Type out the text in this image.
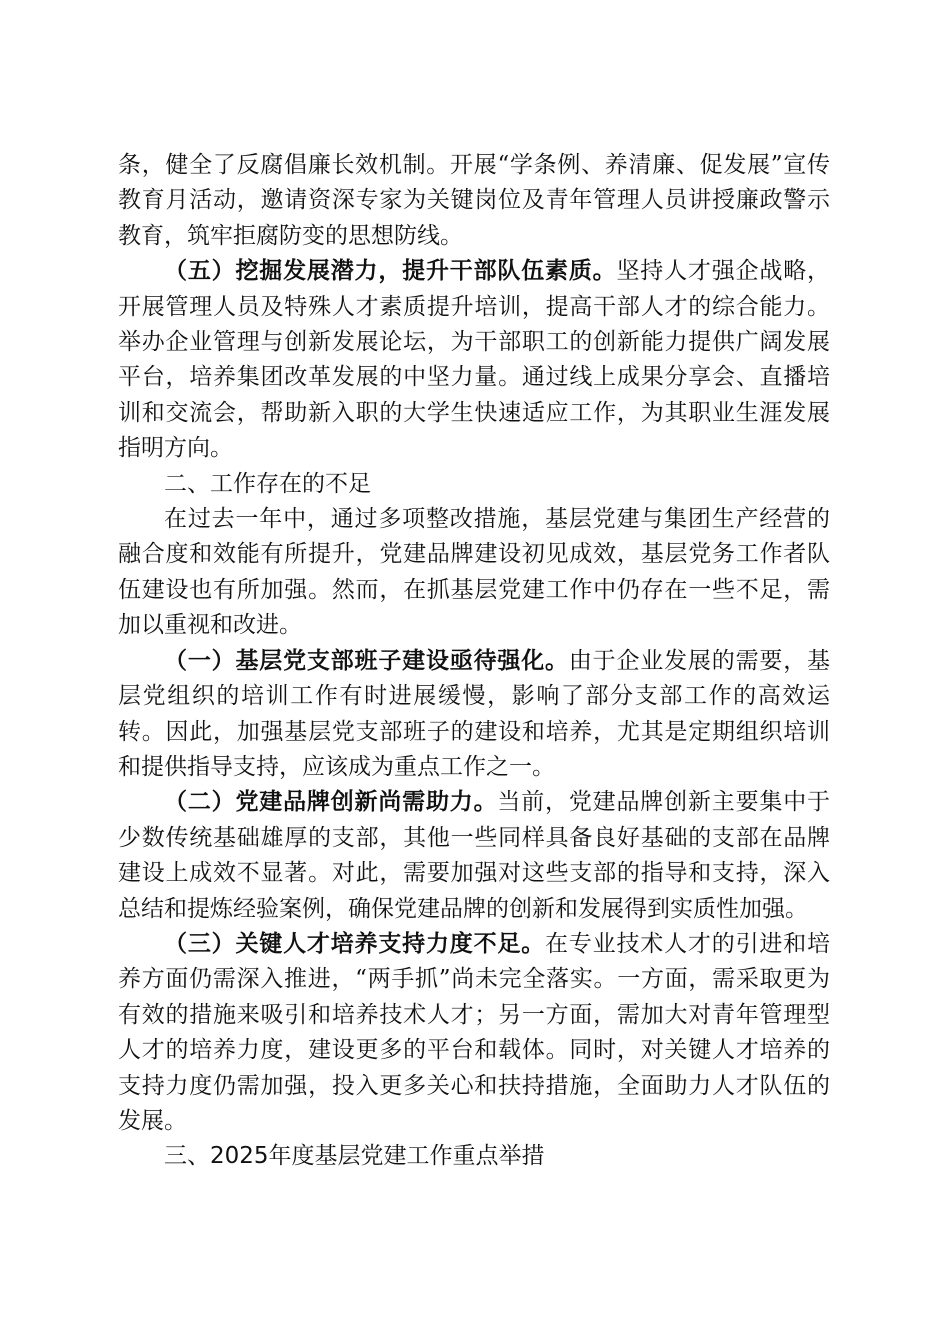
条，健全了反腐倡廉长效机制。开展“学条例、养清廉、促发展”宣传教育月活动，邀请资深专家为关键岗位及青年管理人员讲授廉政警示教育，筑牢拒腐防变的思想防线。

（五）挖掘发展潜力，提升干部队伍素质。坚持人才强企战略，开展管理人员及特殊人才素质提升培训，提高干部人才的综合能力。举办企业管理与创新发展论坛，为干部职工的创新能力提供广阔发展平台，培养集团改革发展的中坚力量。通过线上成果分享会、直播培训和交流会，帮助新入职的大学生快速适应工作，为其职业生涯发展指明方向。

二、工作存在的不足

在过去一年中，通过多项整改措施，基层党建与集团生产经营的融合度和效能有所提升，党建品牌建设初见成效，基层党务工作者队伍建设也有所加强。然而，在抓基层党建工作中仍存在一些不足，需加以重视和改进。

（一）基层党支部班子建设亟待强化。由于企业发展的需要，基层党组织的培训工作有时进展缓慢，影响了部分支部工作的高效运转。因此，加强基层党支部班子的建设和培养，尤其是定期组织培训和提供指导支持，应该成为重点工作之一。

（二）党建品牌创新尚需助力。当前，党建品牌创新主要集中于少数传统基础雄厚的支部，其他一些同样具备良好基础的支部在品牌建设上成效不显著。对此，需要加强对这些支部的指导和支持，深入总结和提炼经验案例，确保党建品牌的创新和发展得到实质性加强。

（三）关键人才培养支持力度不足。在专业技术人才的引进和培养方面仍需深入推进，“两手抓”尚未完全落实。一方面，需采取更为有效的措施来吸引和培养技术人才；另一方面，需加大对青年管理型人才的培养力度，建设更多的平台和载体。同时，对关键人才培养的支持力度仍需加强，投入更多关心和扶持措施，全面助力人才队伍的发展。

三、2025年度基层党建工作重点举措
